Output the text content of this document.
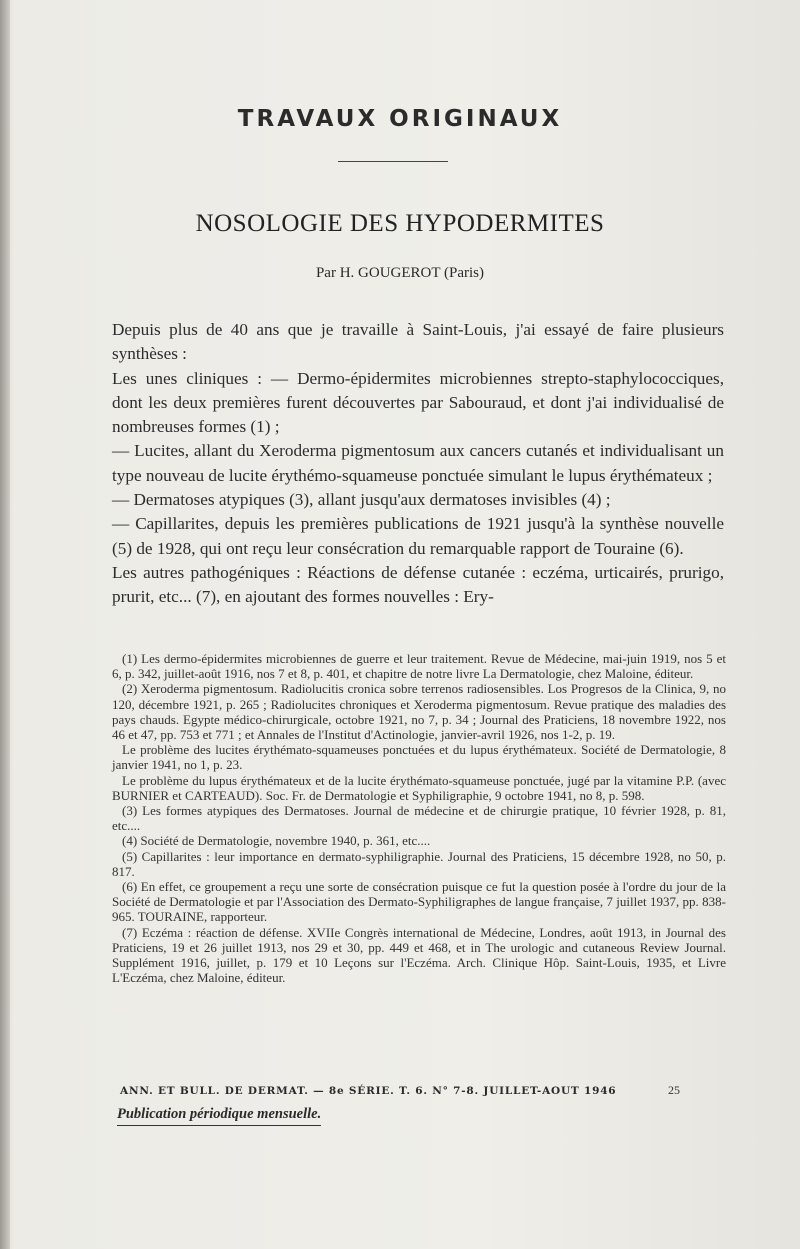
TRAVAUX ORIGINAUX
NOSOLOGIE DES HYPODERMITES
Par H. GOUGEROT (Paris)

Depuis plus de 40 ans que je travaille à Saint-Louis, j'ai essayé de faire plusieurs synthèses :

Les unes cliniques : — Dermo-épidermites microbiennes strepto-staphylococciques, dont les deux premières furent découvertes par Sabouraud, et dont j'ai individualisé de nombreuses formes (1) ;

— Lucites, allant du Xeroderma pigmentosum aux cancers cutanés et individualisant un type nouveau de lucite érythémo-squameuse ponctuée simulant le lupus érythémateux ;

— Dermatoses atypiques (3), allant jusqu'aux dermatoses invisibles (4) ;

— Capillarites, depuis les premières publications de 1921 jusqu'à la synthèse nouvelle (5) de 1928, qui ont reçu leur consécration du remarquable rapport de Touraine (6).

Les autres pathogéniques : Réactions de défense cutanée : eczéma, urticairés, prurigo, prurit, etc... (7), en ajoutant des formes nouvelles : Ery-

(1) Les dermo-épidermites microbiennes de guerre et leur traitement. Revue de Médecine, mai-juin 1919, nos 5 et 6, p. 342, juillet-août 1916, nos 7 et 8, p. 401, et chapitre de notre livre La Dermatologie, chez Maloine, éditeur.

(2) Xeroderma pigmentosum. Radiolucitis cronica sobre terrenos radiosensibles. Los Progresos de la Clinica, 9, no 120, décembre 1921, p. 265 ; Radiolucites chroniques et Xeroderma pigmentosum. Revue pratique des maladies des pays chauds. Egypte médico-chirurgicale, octobre 1921, no 7, p. 34 ; Journal des Praticiens, 18 novembre 1922, nos 46 et 47, pp. 753 et 771 ; et Annales de l'Institut d'Actinologie, janvier-avril 1926, nos 1-2, p. 19.

Le problème des lucites érythémato-squameuses ponctuées et du lupus érythémateux. Société de Dermatologie, 8 janvier 1941, no 1, p. 23.

Le problème du lupus érythémateux et de la lucite érythémato-squameuse ponctuée, jugé par la vitamine P.P. (avec BURNIER et CARTEAUD). Soc. Fr. de Dermatologie et Syphiligraphie, 9 octobre 1941, no 8, p. 598.

(3) Les formes atypiques des Dermatoses. Journal de médecine et de chirurgie pratique, 10 février 1928, p. 81, etc....

(4) Société de Dermatologie, novembre 1940, p. 361, etc....

(5) Capillarites : leur importance en dermato-syphiligraphie. Journal des Praticiens, 15 décembre 1928, no 50, p. 817.

(6) En effet, ce groupement a reçu une sorte de consécration puisque ce fut la question posée à l'ordre du jour de la Société de Dermatologie et par l'Association des Dermato-Syphiligraphes de langue française, 7 juillet 1937, pp. 838-965. TOURAINE, rapporteur.

(7) Eczéma : réaction de défense. XVIIe Congrès international de Médecine, Londres, août 1913, in Journal des Praticiens, 19 et 26 juillet 1913, nos 29 et 30, pp. 449 et 468, et in The urologic and cutaneous Review Journal. Supplément 1916, juillet, p. 179 et 10 Leçons sur l'Eczéma. Arch. Clinique Hôp. Saint-Louis, 1935, et Livre L'Eczéma, chez Maloine, éditeur.

ANN. ET BULL. DE DERMAT. — 8e SÉRIE. T. 6. N° 7-8. JUILLET-AOUT 1946	25
Publication périodique mensuelle.
